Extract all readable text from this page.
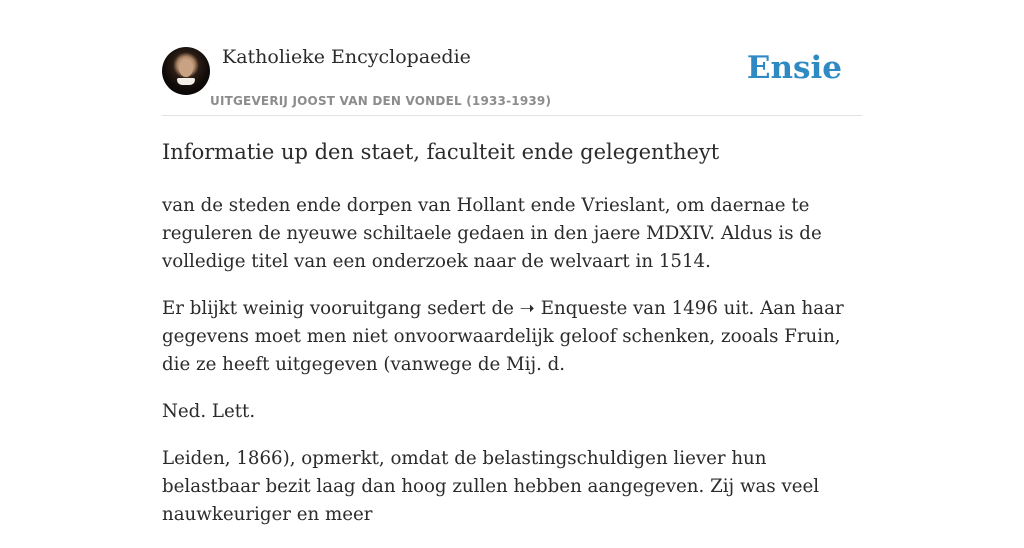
Katholieke Encyclopaedie
UITGEVERIJ JOOST VAN DEN VONDEL (1933-1939)
Ensie
Informatie up den staet, faculteit ende gelegentheyt

van de steden ende dorpen van Hollant ende Vrieslant, om daernae te reguleren de nyeuwe schiltaele gedaen in den jaere MDXIV. Aldus is de volledige titel van een onderzoek naar de welvaart in 1514.

Er blijkt weinig vooruitgang sedert de ➝ Enqueste van 1496 uit. Aan haar gegevens moet men niet onvoorwaardelijk geloof schenken, zooals Fruin, die ze heeft uitgegeven (vanwege de Mij. d.

Ned. Lett.

Leiden, 1866), opmerkt, omdat de belastingschuldigen liever hun belastbaar bezit laag dan hoog zullen hebben aangegeven. Zij was veel nauwkeuriger en meer
